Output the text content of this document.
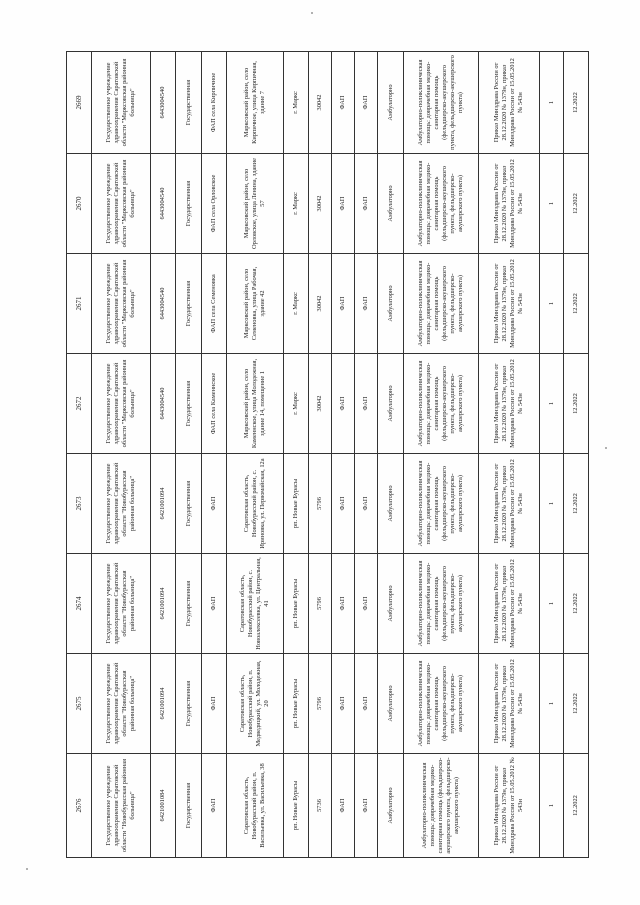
2676	2675	2674	2673	2672	2671	2670	2669
Государственное учреждение здравоохранения Саратовской области "Новобурасская районная больница"	Государственное учреждение здравоохранения Саратовской области "Новобурасская районная больница"	Государственное учреждение здравоохранения Саратовской области "Новобурасская районная больница"	Государственное учреждение здравоохранения Саратовской области "Новобурасская районная больница"	Государственное учреждение здравоохранения Саратовской области "Марксовская районная больница"	Государственное учреждение здравоохранения Саратовской области "Марксовская районная больница"	Государственное учреждение здравоохранения Саратовской области "Марксовская районная больница"	Государственное учреждение здравоохранения Саратовской области "Марксовская районная больница"
6421001084	6421001094	6421001094	6421001094	6443004540	6443004540	6443004540	6443004540
Государственная	Государственная	Государственная	Государственная	Государственная	Государственная	Государственная	Государственная
ФАП	ФАП	ФАП	ФАП	ФАП села Каменнское	ФАП села Семеновка	ФАП села Орловское	ФАП села Кирпичное
Саратовская область, Новобурасский район, п. Васильевка, ул. Васильевка, 38	Саратовская область, Новобурасский район, п. Медведицкий, ул. Молодежная, 20	Саратовская область, Новобурасский район, с. Новоалексеевка, ул. Центральная, 41	Саратовская область, Новобурасский район, с. Ириновка, ул. Первомайская, 12а	Марксовский район, село Каменнское, улица Молодежная, здание 14, помещение 1	Марксовский район, село Семеновка, улица Рабочая, здание 42	Марксовский район, село Орловское, улица Ленина, здание 57	Марксовский район, село Кирпичное, улица Кирпичная, здание 7
рп. Новые Бурасы	рп. Новые Бурасы	рп. Новые Бурасы	рп. Новые Бурасы	г. Маркс	г. Маркс	г. Маркс	г. Маркс
5736	5796	5796	5796	30042	30042	30042	30042
ФАП	ФАП	ФАП	ФАП	ФАП	ФАП	ФАП	ФАП
ФАП	ФАП	ФАП	ФАП	ФАП	ФАП	ФАП	ФАП
Амбулаторно	Амбулаторно	Амбулаторно	Амбулаторно	Амбулаторно	Амбулаторно	Амбулаторно	Амбулаторно
Амбулаторно-поликлиническая помощь: доврачебная медико-санитарная помощь (фельдшерско-акушерского пункта, фельдшерско-акушерского пункта)	Амбулаторно-поликлиническая помощь: доврачебная медико-санитарная помощь (фельдшерско-акушерского пункта, фельдшерско-акушерского пункта)	Амбулаторно-поликлиническая помощь: доврачебная медико-санитарная помощь (фельдшерско-акушерского пункта, фельдшерско-акушерского пункта)	Амбулаторно-поликлиническая помощь: доврачебная медико-санитарная помощь (фельдшерско-акушерского пункта, фельдшерско-акушерского пункта)	Амбулаторно-поликлиническая помощь: доврачебная медико-санитарная помощь (фельдшерско-акушерского пункта, фельдшерско-акушерского пункта)	Амбулаторно-поликлиническая помощь: доврачебная медико-санитарная помощь (фельдшерско-акушерского пункта, фельдшерско-акушерского пункта)	Амбулаторно-поликлиническая помощь: доврачебная медико-санитарная помощь (фельдшерско-акушерского пункта, фельдшерско-акушерского пункта)	Амбулаторно-поликлиническая помощь: доврачебная медико-санитарная помощь (фельдшерско-акушерского пункта, фельдшерско-акушерского пункта)
Приказ Минздрава России от 28.12.2020 № 1379н, приказ Минздрава России от 15.05.2012 № 543н	Приказ Минздрава России от 28.12.2020 № 1379н, приказ Минздрава России от 15.05.2012 № 543н	Приказ Минздрава России от 28.12.2020 № 1379н, приказ Минздрава России от 15.05.2012 № 543н	Приказ Минздрава России от 28.12.2020 № 1379н, приказ Минздрава России от 15.05.2012 № 543н	Приказ Минздрава России от 28.12.2020 № 1379н, приказ Минздрава России от 15.05.2012 № 543н	Приказ Минздрава России от 28.12.2020 № 1379н, приказ Минздрава России от 15.05.2012 № 543н	Приказ Минздрава России от 28.12.2020 № 1379н, приказ Минздрава России от 15.05.2012 № 543н	Приказ Минздрава России от 28.12.2020 № 1379н, приказ Минздрава России от 15.05.2012 № 543н
1	1	1	1	1	1	1	1
12.2022	12.2022	12.2022	12.2022	12.2022	12.2022	12.2022	12.2022
